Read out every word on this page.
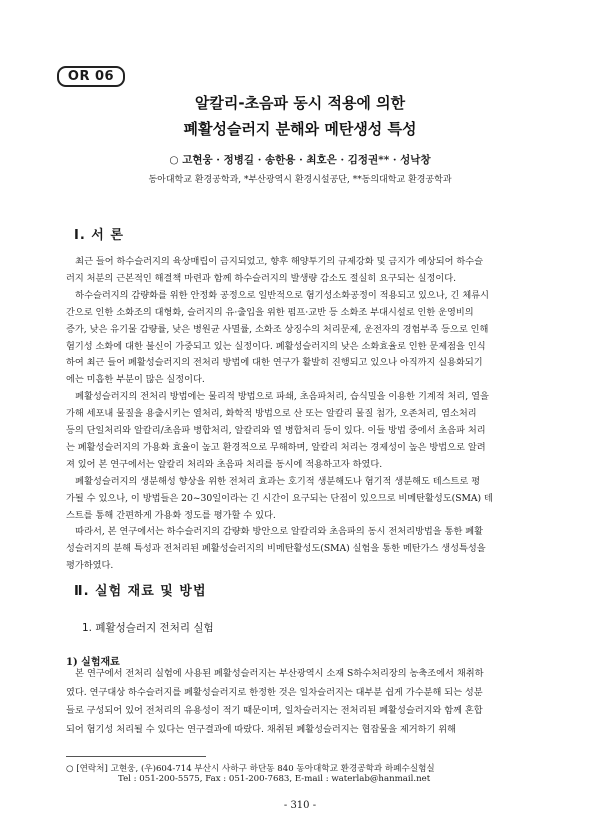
OR 06
알칼리-초음파 동시 적용에 의한
폐활성슬러지 분해와 메탄생성 특성
○ 고현웅 · 정병길 · 송한용 · 최호은 · 김정권** · 성낙창
동아대학교 환경공학과, *부산광역시 환경시설공단, **동의대학교 환경공학과
Ⅰ. 서 론
　최근 들어 하수슬러지의 육상매립이 금지되었고, 향후 해양투기의 규제강화 및 금지가 예상되어 하수슬
러지 처분의 근본적인 해결책 마련과 함께 하수슬러지의 발생량 감소도 절실히 요구되는 실정이다.
　하수슬러지의 감량화를 위한 안정화 공정으로 일반적으로 혐기성소화공정이 적용되고 있으나, 긴 체류시
간으로 인한 소화조의 대형화, 슬러지의 유·출입을 위한 펌프·교반 등 소화조 부대시설로 인한 운영비의
증가, 낮은 유기물 감량률, 낮은 병원균 사멸률, 소화조 상징수의 처리문제, 운전자의 경험부족 등으로 인해
혐기성 소화에 대한 불신이 가중되고 있는 실정이다. 폐활성슬러지의 낮은 소화효율로 인한 문제점을 인식
하여 최근 들어 폐활성슬러지의 전처리 방법에 대한 연구가 활발히 진행되고 있으나 아직까지 실용화되기
에는 미흡한 부분이 많은 실정이다.
　폐활성슬러지의 전처리 방법에는 물리적 방법으로 파쇄, 초음파처리, 습식밀을 이용한 기계적 처리, 열을
가해 세포내 물질을 용출시키는 열처리, 화학적 방법으로 산 또는 알칼리 물질 첨가, 오존처리, 염소처리
등의 단일처리와 알칼리/초음파 병합처리, 알칼리와 열 병합처리 등이 있다. 이들 방법 중에서 초음파 처리
는 폐활성슬러지의 가용화 효율이 높고 환경적으로 무해하며, 알칼리 처리는 경제성이 높은 방법으로 알려
져 있어 본 연구에서는 알칼리 처리와 초음파 처리를 동시에 적용하고자 하였다.
　폐활성슬러지의 생분해성 향상을 위한 전처리 효과는 호기적 생분해도나 혐기적 생분해도 테스트로 평
가될 수 있으나, 이 방법들은 20~30일이라는 긴 시간이 요구되는 단점이 있으므로 비메탄활성도(SMA) 테
스트를 통해 간편하게 가용화 정도를 평가할 수 있다.
　따라서, 본 연구에서는 하수슬러지의 감량화 방안으로 알칼리와 초음파의 동시 전처리방법을 통한 폐활
성슬러지의 분해 특성과 전처리된 폐활성슬러지의 비메탄활성도(SMA) 실험을 통한 메탄가스 생성특성을
평가하였다.
Ⅱ. 실험 재료 및 방법
1. 폐활성슬러지 전처리 실험
1) 실험재료
　본 연구에서 전처리 실험에 사용된 폐활성슬러지는 부산광역시 소재 S하수처리장의 농축조에서 채취하
였다. 연구대상 하수슬러지를 폐활성슬러지로 한정한 것은 일차슬러지는 대부분 쉽게 가수분해 되는 성분
들로 구성되어 있어 전처리의 유용성이 적기 때문이며, 일차슬러지는 전처리된 폐활성슬러지와 함께 혼합
되어 혐기성 처리될 수 있다는 연구결과에 따랐다. 채취된 폐활성슬러지는 협잡물을 제거하기 위해
○ [연락처] 고현웅, (우)604-714 부산시 사하구 하단동 840 동아대학교 환경공학과 하폐수실험실
Tel : 051-200-5575, Fax : 051-200-7683, E-mail : waterlab@hanmail.net
- 310 -
